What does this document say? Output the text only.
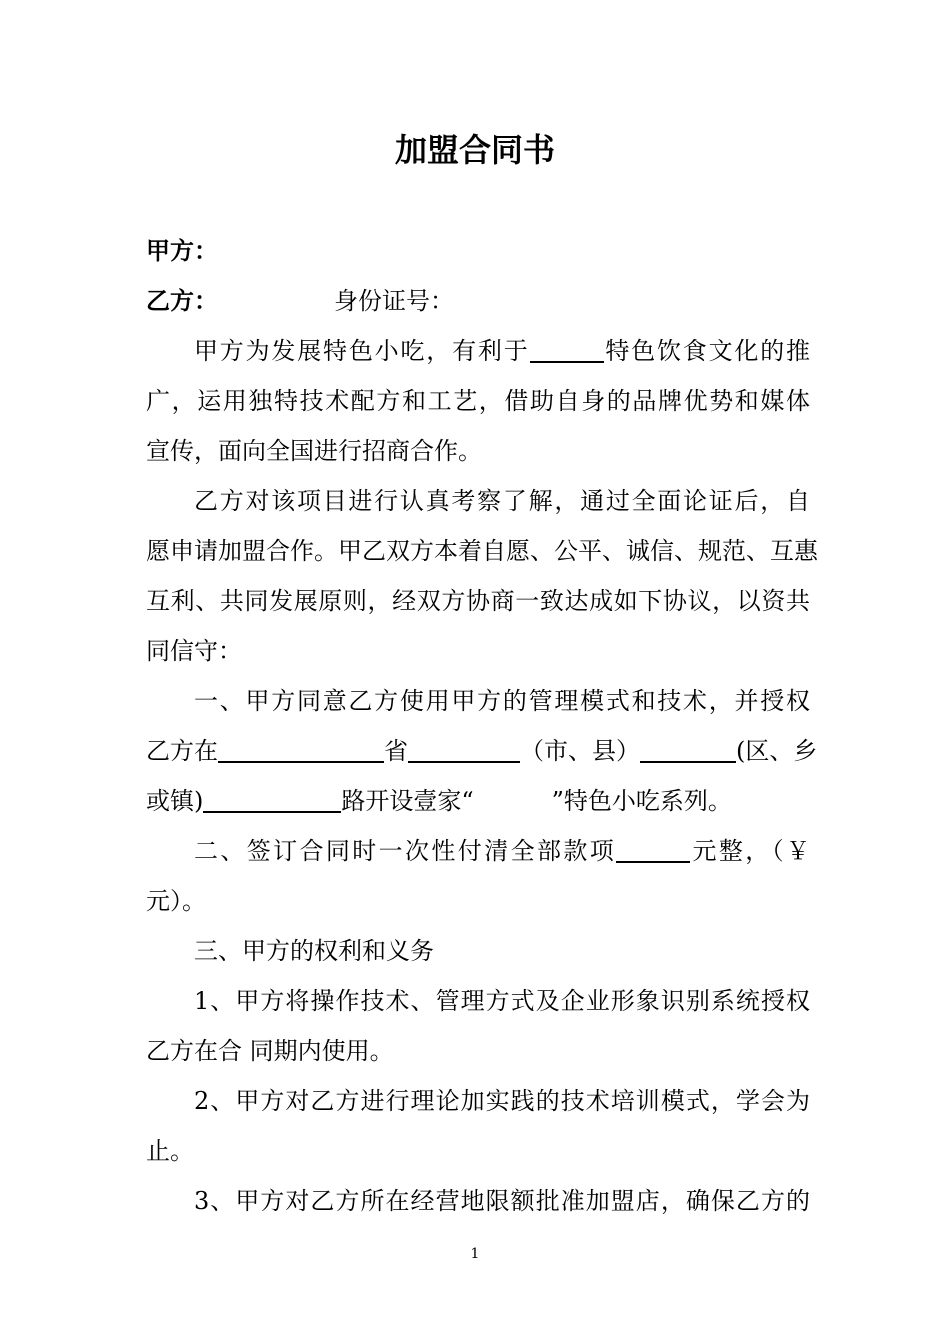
加盟合同书
甲方：
乙方：	身份证号：
甲方为发展特色小吃，有利于	特色饮食文化的推
广，运用独特技术配方和工艺，借助自身的品牌优势和媒体
宣传，面向全国进行招商合作。
乙方对该项目进行认真考察了解，通过全面论证后，自
愿申请加盟合作。甲乙双方本着自愿、公平、诚信、规范、互惠
互利、共同发展原则，经双方协商一致达成如下协议，以资共
同信守：
一、甲方同意乙方使用甲方的管理模式和技术，并授权
乙方在	省	（市、县）	(区、乡
或镇)	路开设壹家“	”特色小吃系列。
二、签订合同时一次性付清全部款项	元整，（￥
元）。
三、甲方的权利和义务
1、甲方将操作技术、管理方式及企业形象识别系统授权
乙方在合 同期内使用。
2、甲方对乙方进行理论加实践的技术培训模式，学会为
止。
3、甲方对乙方所在经营地限额批准加盟店，确保乙方的
1
